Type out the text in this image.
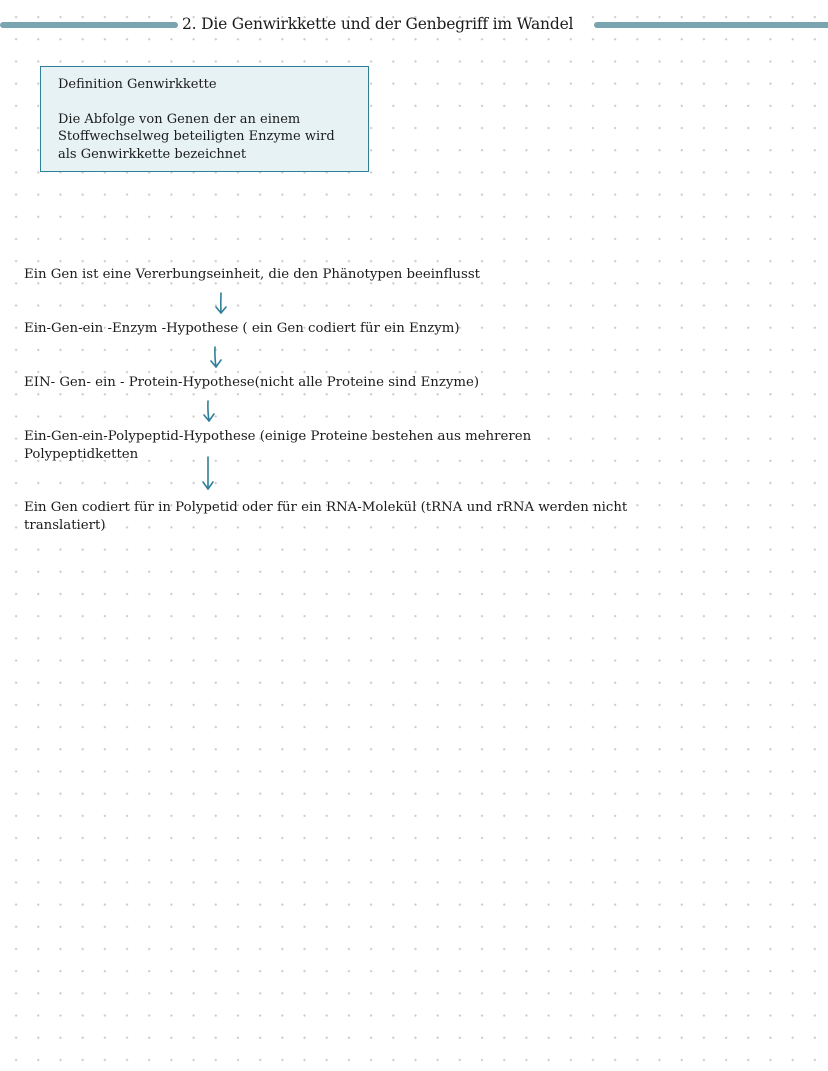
2. Die Genwirkkette und der Genbegriff im Wandel
Definition Genwirkkette
Die Abfolge von Genen der an einem
Stoffwechselweg beteiligten Enzyme wird
als Genwirkkette bezeichnet
Ein Gen ist eine Vererbungseinheit, die den Phänotypen beeinflusst
Ein-Gen-ein -Enzym -Hypothese ( ein Gen codiert für ein Enzym)
EIN- Gen- ein - Protein-Hypothese(nicht alle Proteine sind Enzyme)
Ein-Gen-ein-Polypeptid-Hypothese (einige Proteine bestehen aus mehreren
Polypeptidketten
Ein Gen codiert für in Polypetid oder für ein RNA-Molekül (tRNA und rRNA werden nicht
translatiert)
